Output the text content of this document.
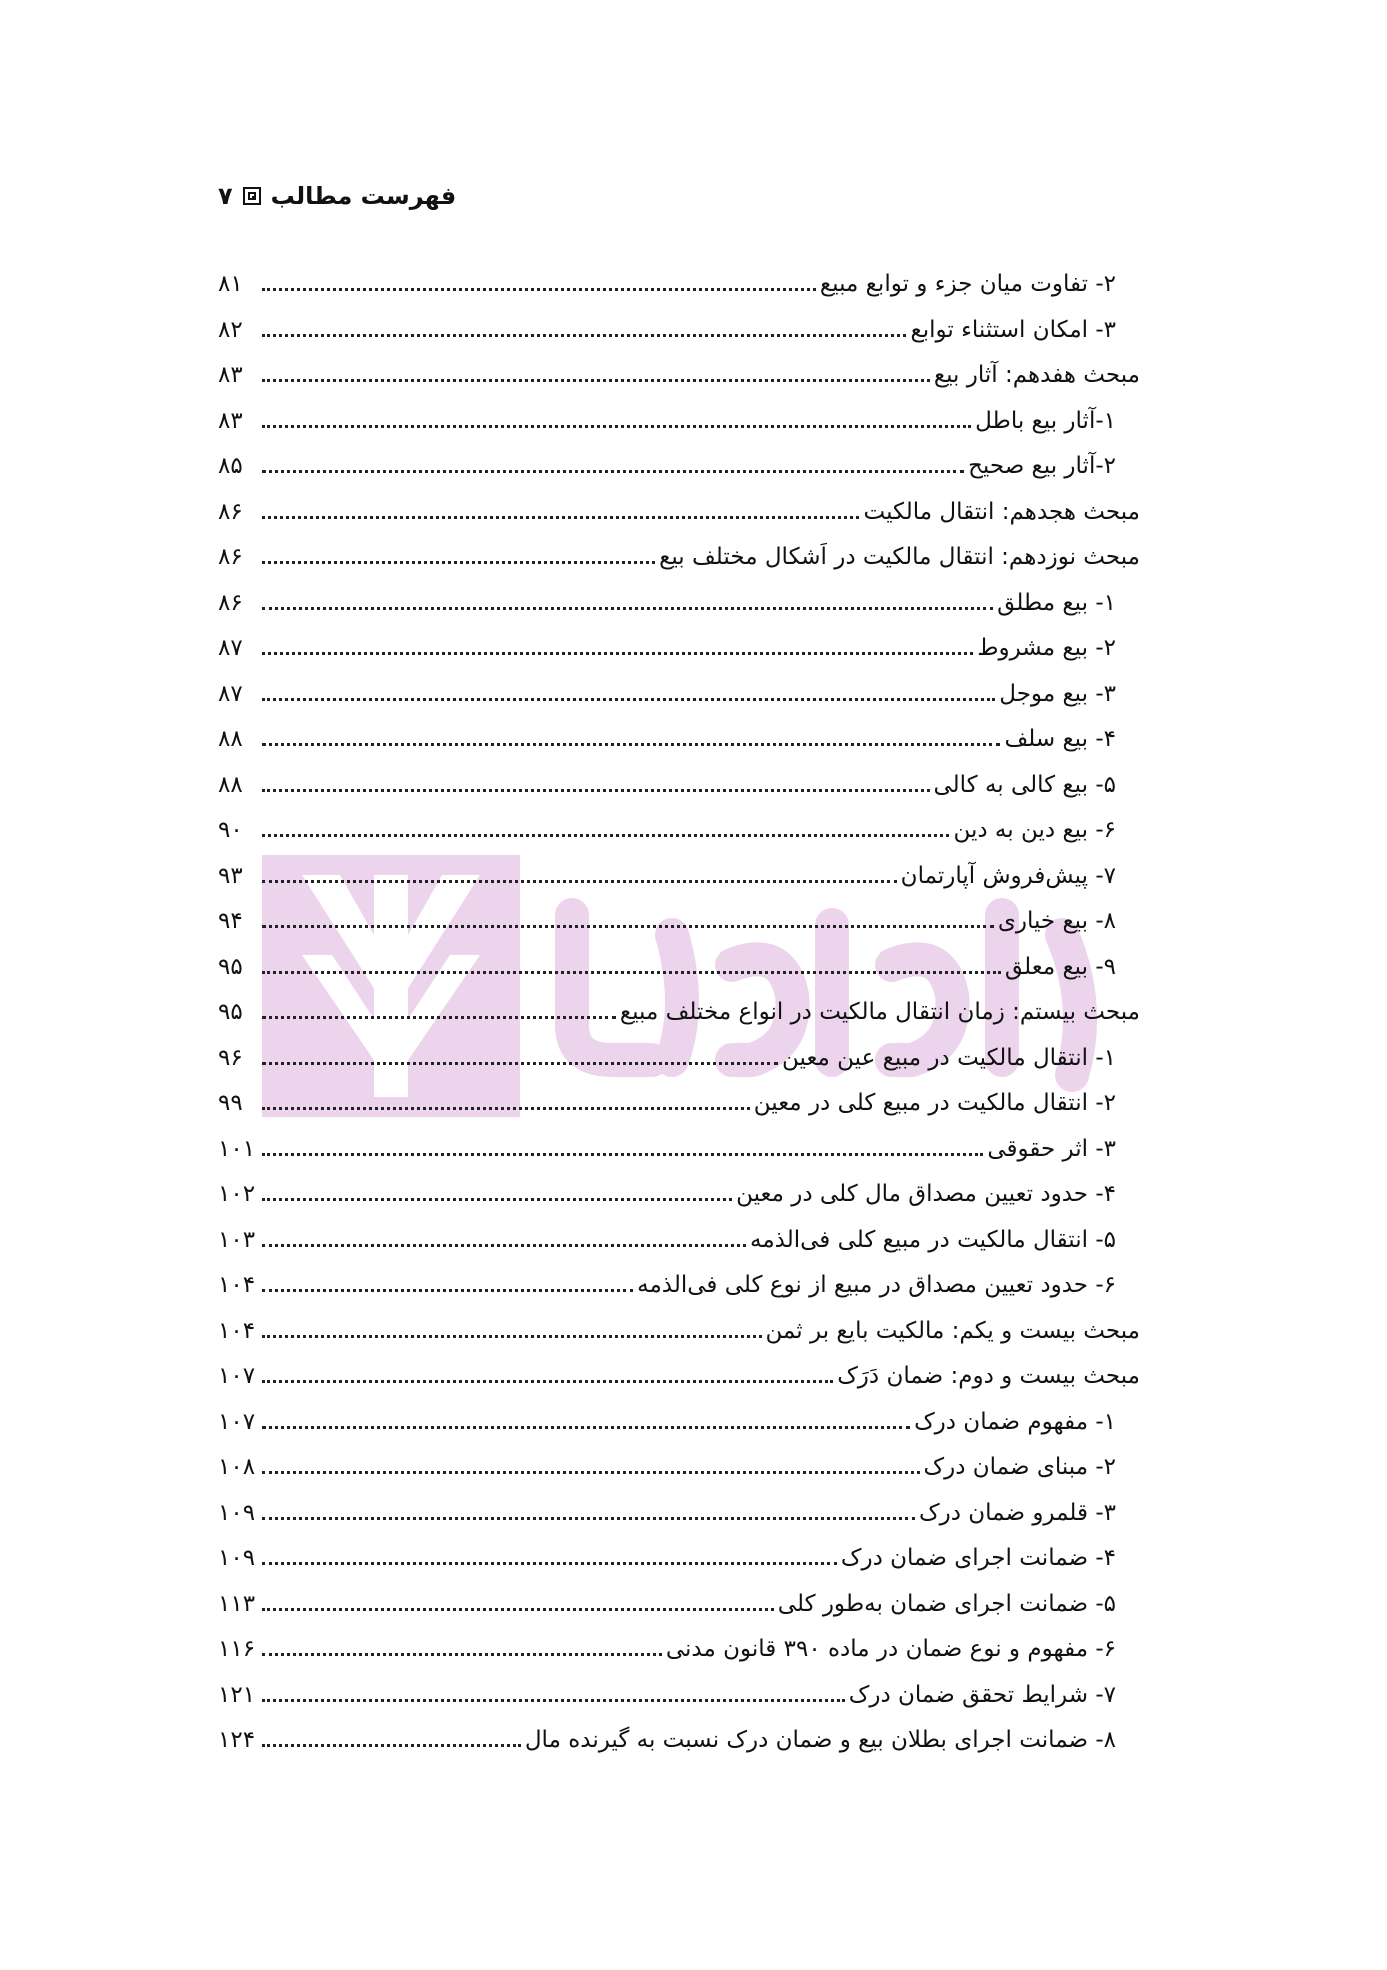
۷ فهرست مطالب
۲- تفاوت میان جزء و توابع مبیع
۸۱
۳- امکان استثناء توابع
۸۲
مبحث هفدهم: آثار بیع
۸۳
۱-آثار بیع باطل
۸۳
۲-آثار بیع صحیح
۸۵
مبحث هجدهم: انتقال مالکیت
۸۶
مبحث نوزدهم: انتقال مالکیت در اَشکال مختلف بیع
۸۶
۱- بیع مطلق
۸۶
۲- بیع مشروط
۸۷
۳- بیع موجل
۸۷
۴- بیع سلف
۸۸
۵- بیع کالی به کالی
۸۸
۶- بیع دین به دین
۹۰
۷- پیش‌فروش آپارتمان
۹۳
۸- بیع خیاری
۹۴
۹- بیع معلق
۹۵
مبحث بیستم: زمان انتقال مالکیت در انواع مختلف مبیع
۹۵
۱- انتقال مالکیت در مبیع عین معین
۹۶
۲- انتقال مالکیت در مبیع کلی در معین
۹۹
۳- اثر حقوقی
۱۰۱
۴- حدود تعیین مصداق مال کلی در معین
۱۰۲
۵- انتقال مالکیت در مبیع کلی فی‌الذمه
۱۰۳
۶- حدود تعیین مصداق در مبیع از نوع کلی فی‌الذمه
۱۰۴
مبحث بیست و یکم: مالکیت بایع بر ثمن
۱۰۴
مبحث بیست و دوم: ضمان دَرَک
۱۰۷
۱- مفهوم ضمان درک
۱۰۷
۲- مبنای ضمان درک
۱۰۸
۳- قلمرو ضمان درک
۱۰۹
۴- ضمانت اجرای ضمان درک
۱۰۹
۵- ضمانت اجرای ضمان به‌طور کلی
۱۱۳
۶- مفهوم و نوع ضمان در ماده ۳۹۰ قانون مدنی
۱۱۶
۷- شرایط تحقق ضمان درک
۱۲۱
۸- ضمانت اجرای بطلان بیع و ضمان درک نسبت به گیرنده مال
۱۲۴
